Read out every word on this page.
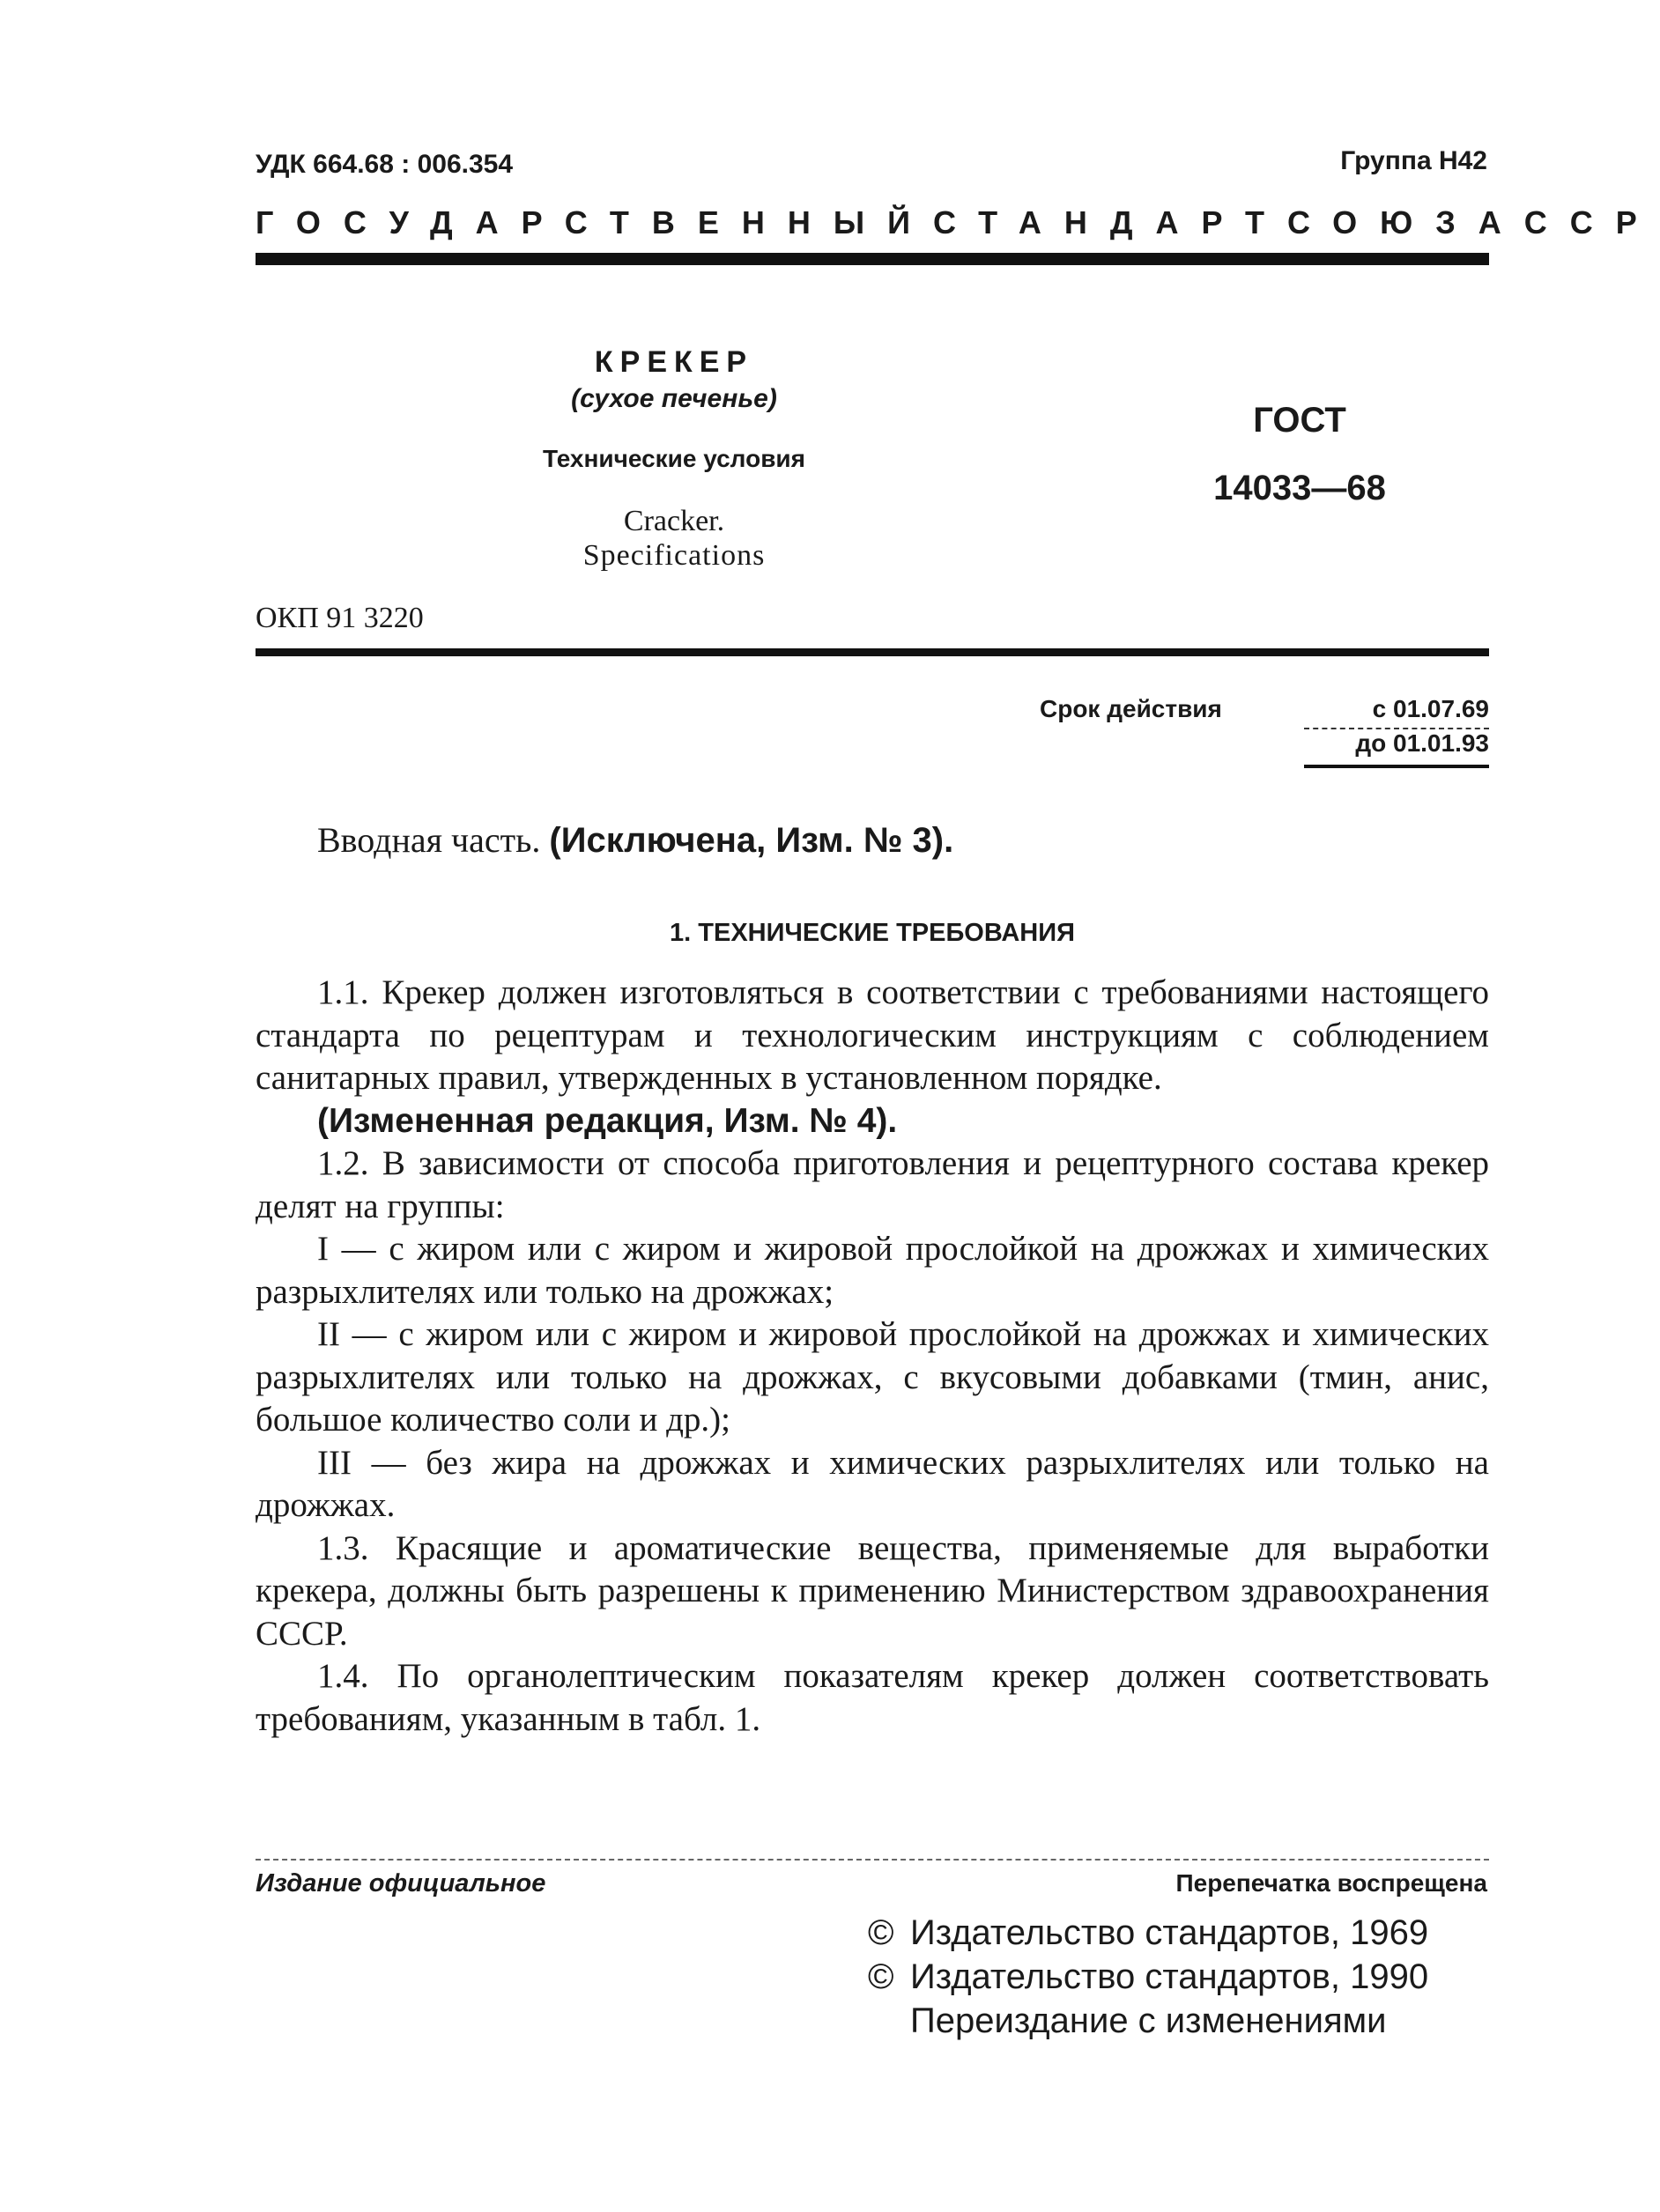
УДК 664.68 : 006.354	Группа Н42
ГОСУДАРСТВЕННЫЙ СТАНДАРТ СОЮЗА ССР
КРЕКЕР
(сухое печенье)
Технические условия
Cracker.
Specifications
ГОСТ
14033—68
ОКП 91 3220
Срок действия	с 01.07.69
до 01.01.93
Вводная часть. (Исключена, Изм. № 3).
1. ТЕХНИЧЕСКИЕ ТРЕБОВАНИЯ

1.1. Крекер должен изготовляться в соответствии с требованиями настоящего стандарта по рецептурам и технологическим инструкциям с соблюдением санитарных правил, утвержденных в установленном порядке.

(Измененная редакция, Изм. № 4).

1.2. В зависимости от способа приготовления и рецептурного состава крекер делят на группы:

I — с жиром или с жиром и жировой прослойкой на дрожжах и химических разрыхлителях или только на дрожжах;

II — с жиром или с жиром и жировой прослойкой на дрожжах и химических разрыхлителях или только на дрожжах, с вкусовыми добавками (тмин, анис, большое количество соли и др.);

III — без жира на дрожжах и химических разрыхлителях или только на дрожжах.

1.3. Красящие и ароматические вещества, применяемые для выработки крекера, должны быть разрешены к применению Министерством здравоохранения СССР.

1.4. По органолептическим показателям крекер должен соответствовать требованиям, указанным в табл. 1.

Издание официальное	Перепечатка воспрещена
© Издательство стандартов, 1969
© Издательство стандартов, 1990
Переиздание с изменениями
